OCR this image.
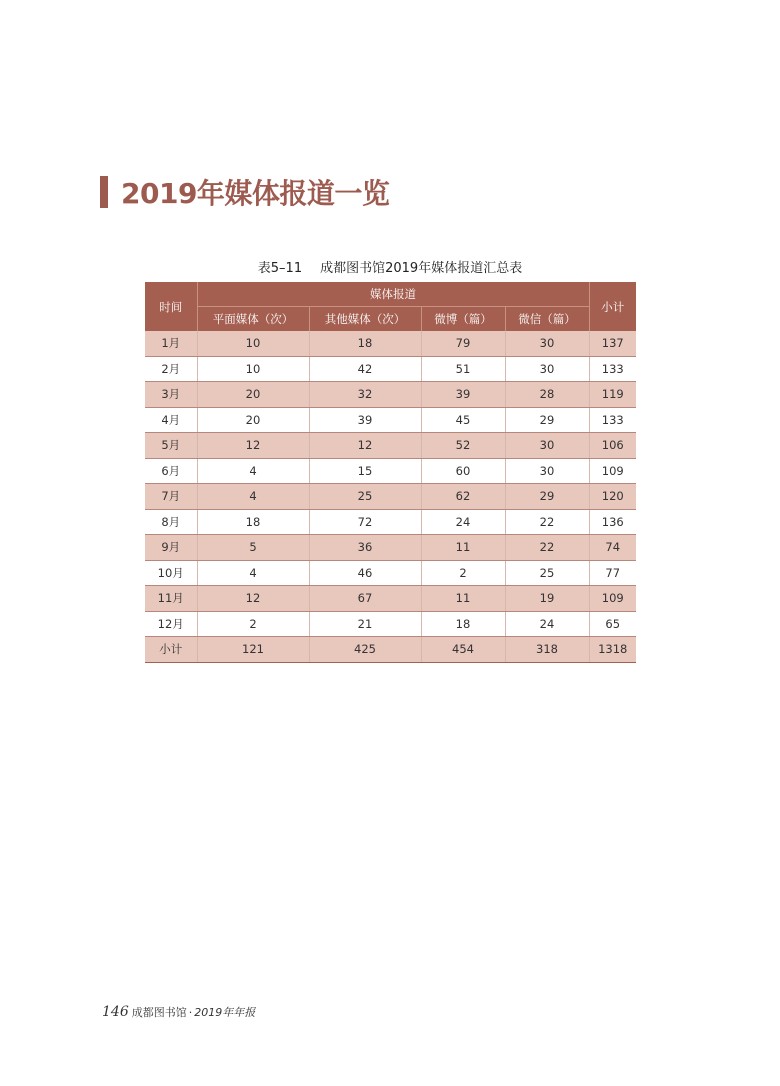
2019年媒体报道一览
表5–11 成都图书馆2019年媒体报道汇总表
时间	媒体报道				小计
	平面媒体（次）	其他媒体（次）	微博（篇）	微信（篇）	
1月	10	18	79	30	137
2月	10	42	51	30	133
3月	20	32	39	28	119
4月	20	39	45	29	133
5月	12	12	52	30	106
6月	4	15	60	30	109
7月	4	25	62	29	120
8月	18	72	24	22	136
9月	5	36	11	22	74
10月	4	46	2	25	77
11月	12	67	11	19	109
12月	2	21	18	24	65
小计	121	425	454	318	1318
146 成都图书馆 · 2019年年报
